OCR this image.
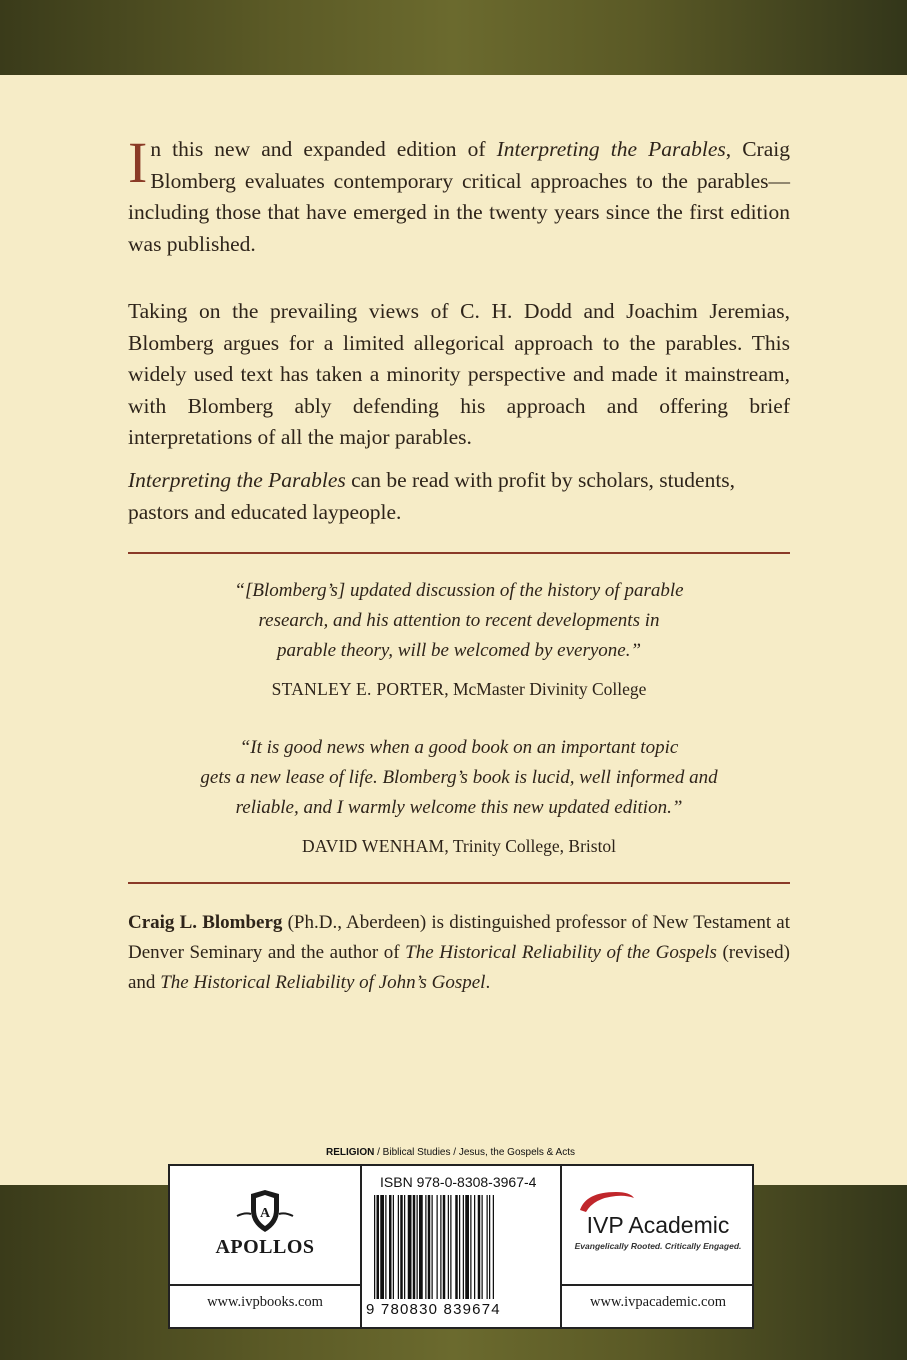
In this new and expanded edition of Interpreting the Parables, Craig Blomberg evaluates contemporary critical approaches to the parables—including those that have emerged in the twenty years since the first edition was published.
Taking on the prevailing views of C. H. Dodd and Joachim Jeremias, Blomberg argues for a limited allegorical approach to the parables. This widely used text has taken a minority perspective and made it mainstream, with Blomberg ably defending his approach and offering brief interpretations of all the major parables.
Interpreting the Parables can be read with profit by scholars, students, pastors and educated laypeople.
“[Blomberg’s] updated discussion of the history of parable
research, and his attention to recent developments in
parable theory, will be welcomed by everyone.”
STANLEY E. PORTER, McMaster Divinity College
“It is good news when a good book on an important topic
gets a new lease of life. Blomberg’s book is lucid, well informed and
reliable, and I warmly welcome this new updated edition.”
DAVID WENHAM, Trinity College, Bristol
Craig L. Blomberg (Ph.D., Aberdeen) is distinguished professor of New Testament at Denver Seminary and the author of The Historical Reliability of the Gospels (revised) and The Historical Reliability of John’s Gospel.
RELIGION / Biblical Studies / Jesus, the Gospels & Acts
A
APOLLOS
www.ivpbooks.com
ISBN 978-0-8308-3967-4
9 780830 839674
IVP Academic
Evangelically Rooted. Critically Engaged.
www.ivpacademic.com
